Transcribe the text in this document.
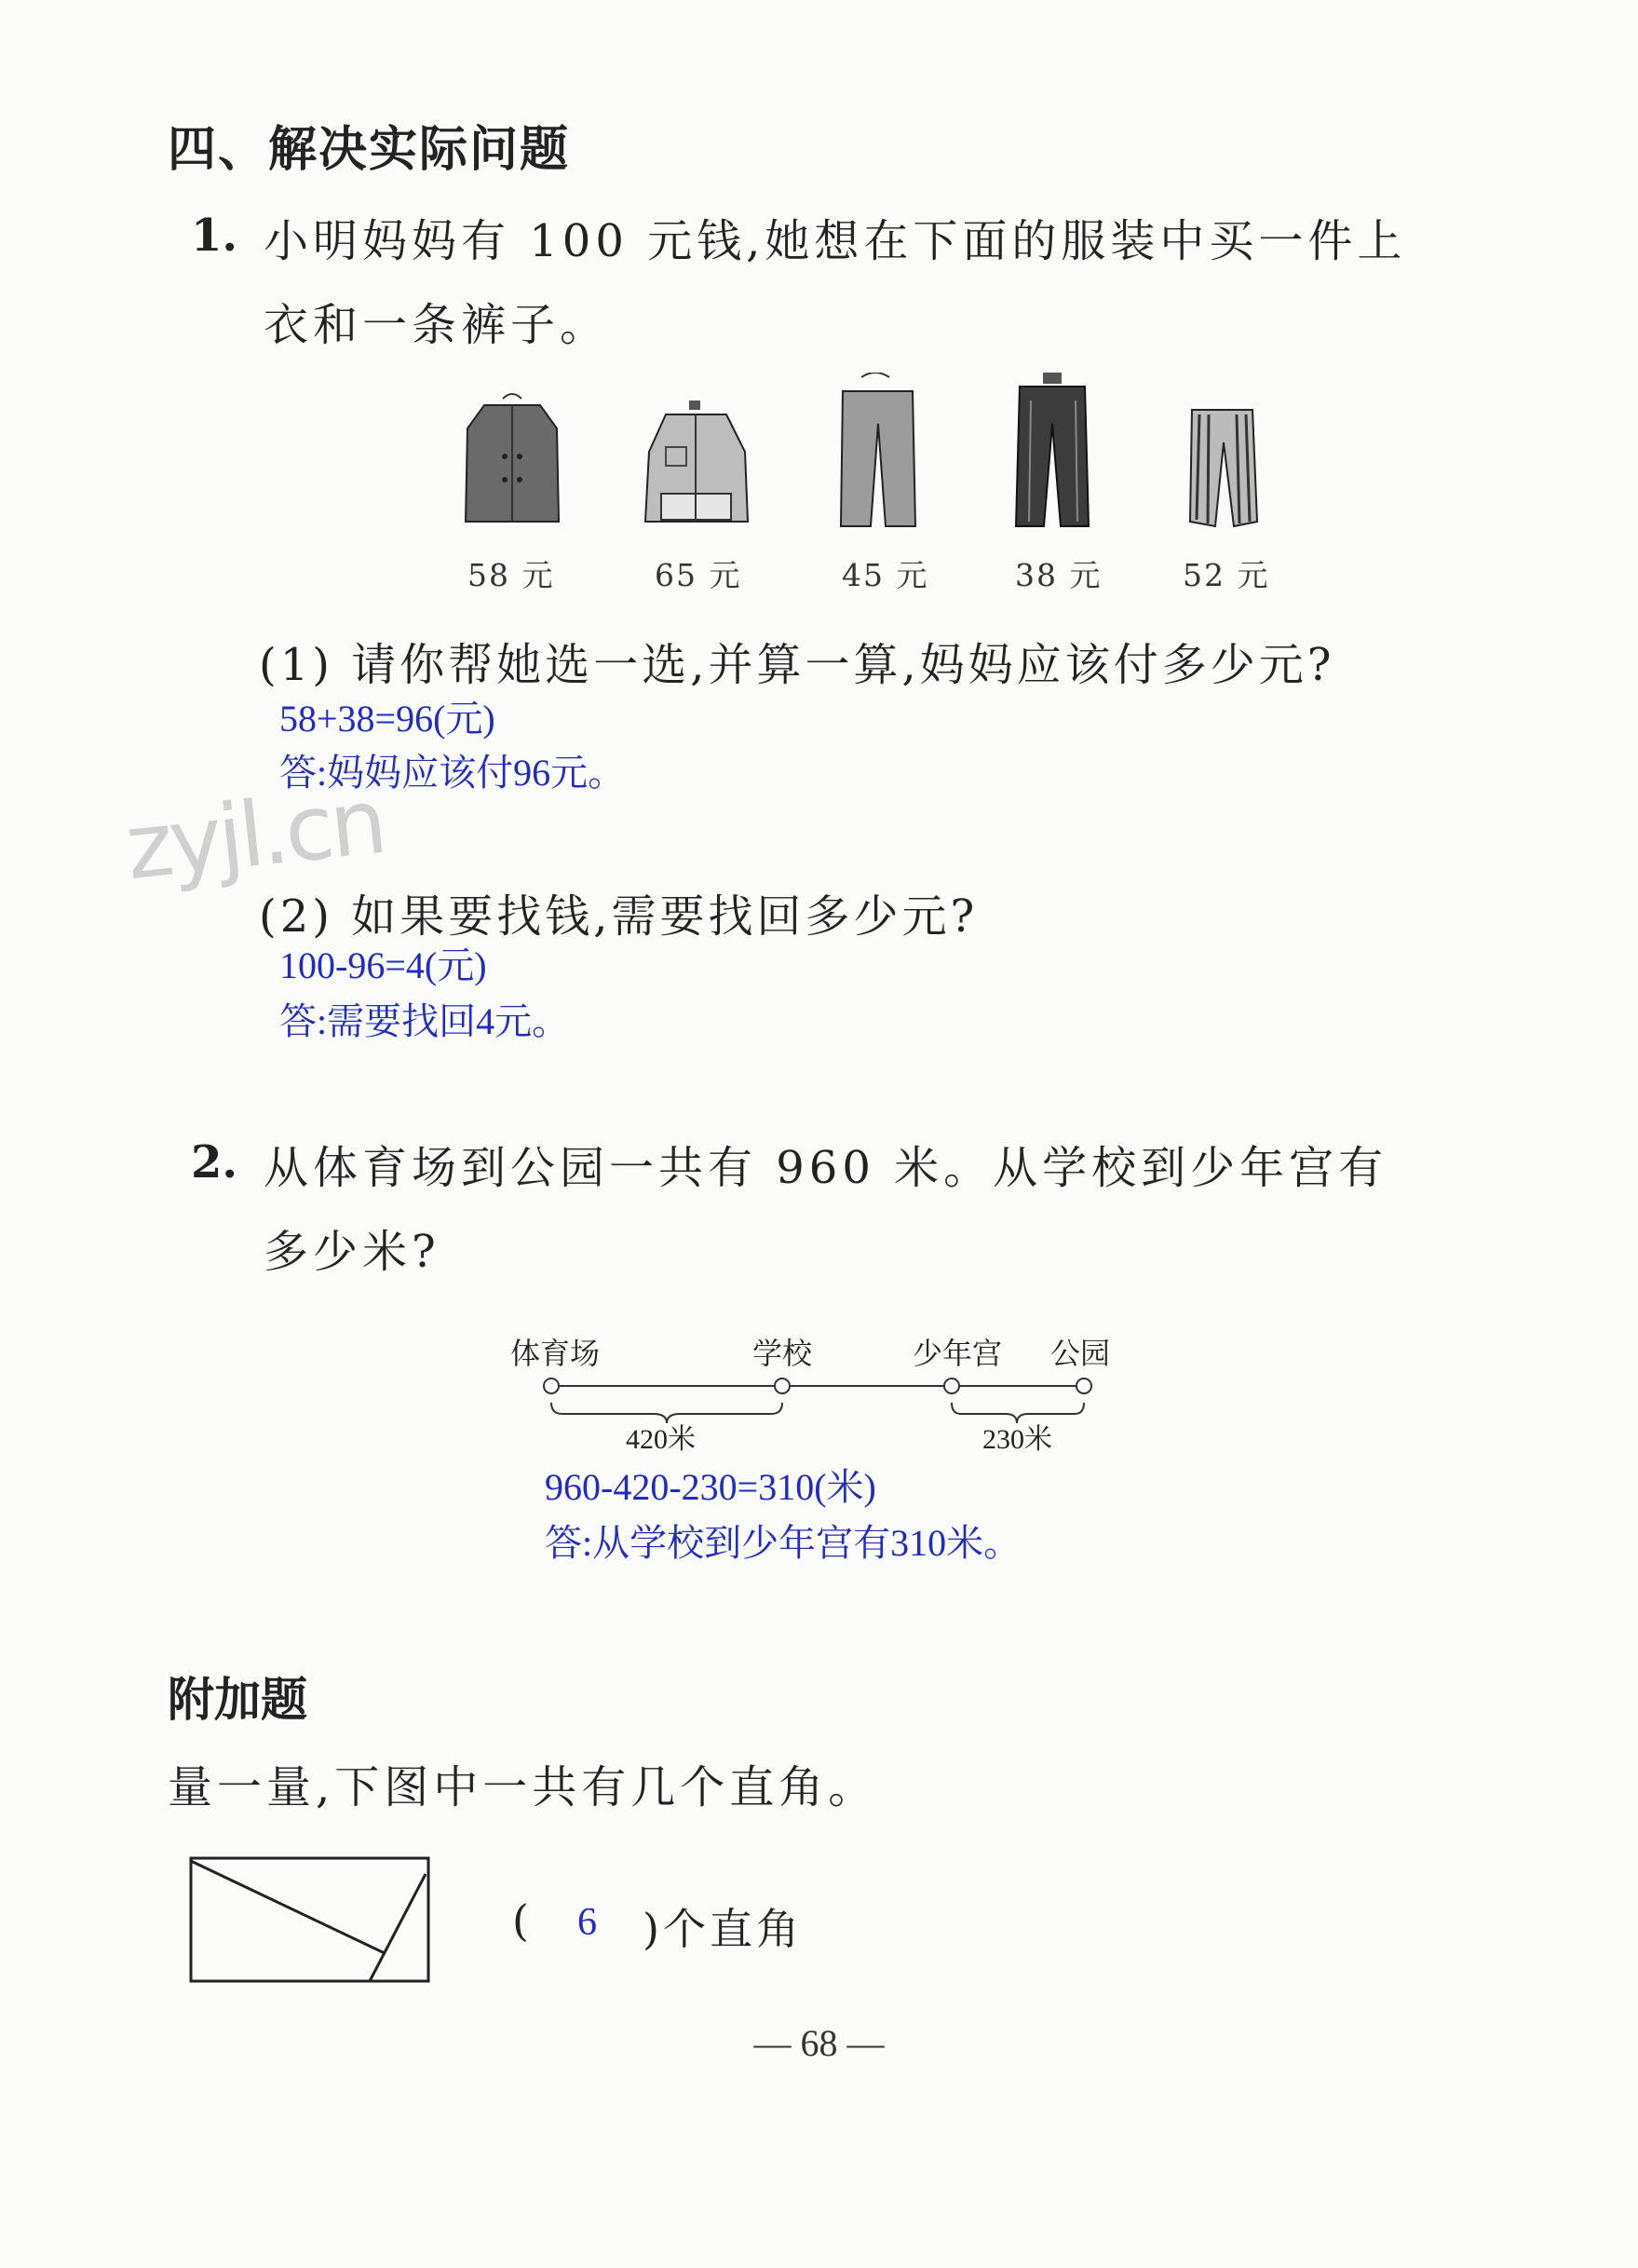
四、解决实际问题
1. 小明妈妈有 100 元钱,她想在下面的服装中买一件上
衣和一条裤子。
58 元	65 元	45 元	38 元	52 元
(1) 请你帮她选一选,并算一算,妈妈应该付多少元?
58+38=96(元)
答:妈妈应该付96元。
zyjl.cn
(2) 如果要找钱,需要找回多少元?
100-96=4(元)
答:需要找回4元。
2. 从体育场到公园一共有 960 米。从学校到少年宫有
多少米?
体育场	学校	少年宫 公园
420米	230米
960-420-230=310(米)
答:从学校到少年宫有310米。
附加题
量一量,下图中一共有几个直角。
( 6 )个直角
— 68 —
